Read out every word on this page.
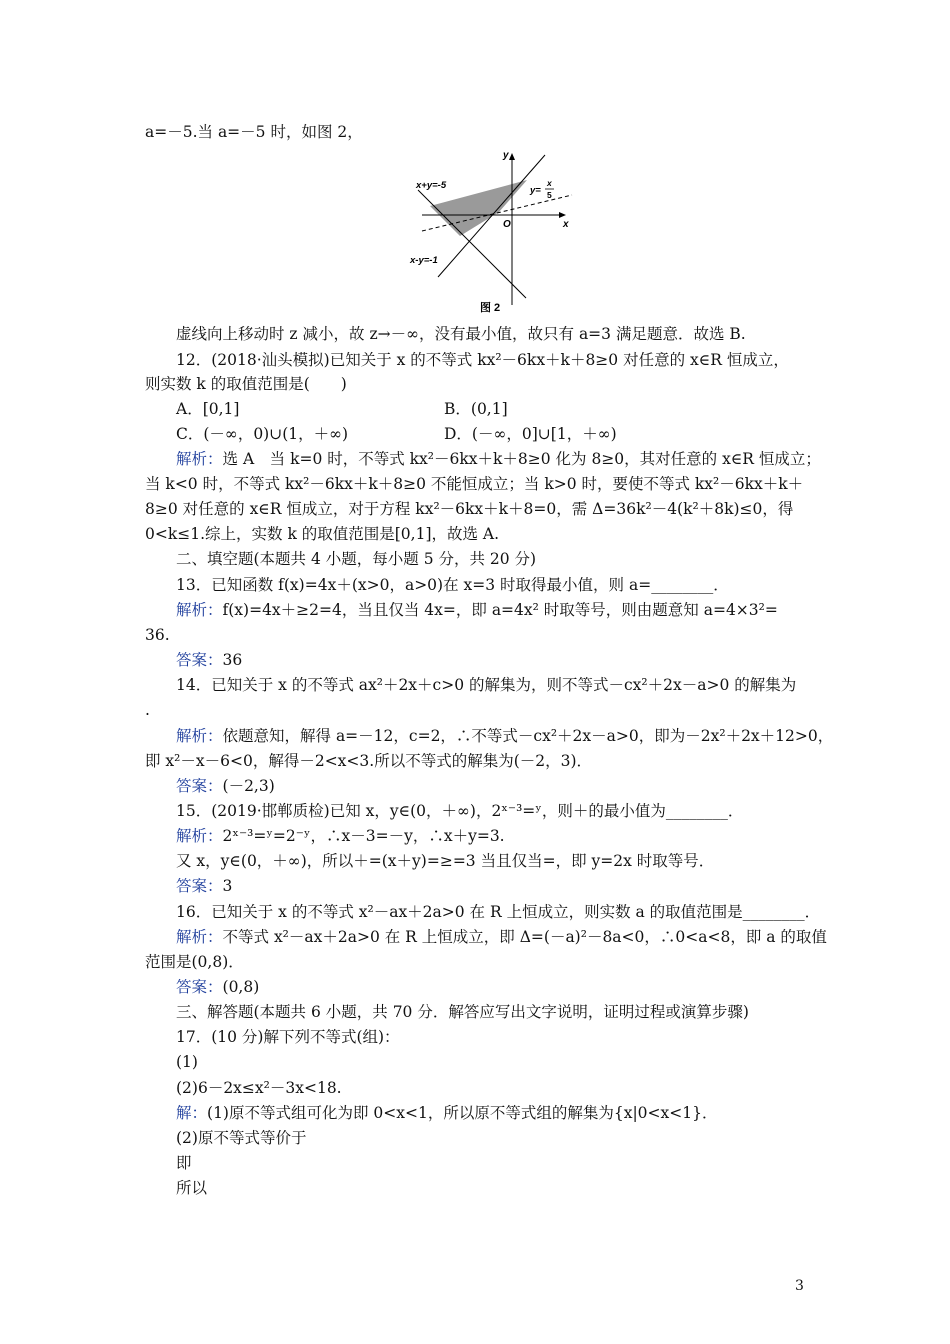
a=－5.当 a=－5 时，如图 2，
y
x
O
x+y=-5
x-y=-1
y=
x
5
图 2
虚线向上移动时 z 减小，故 z→－∞，没有最小值，故只有 a=3 满足题意．故选 B.
12．(2018·汕头模拟)已知关于 x 的不等式 kx²－6kx＋k＋8≥0 对任意的 x∈R 恒成立，
则实数 k 的取值范围是(　　)
A．[0,1]	B．(0,1]
C．(－∞，0)∪(1，＋∞)	D．(－∞，0]∪[1，＋∞)
解析：选 A　当 k=0 时，不等式 kx²－6kx＋k＋8≥0 化为 8≥0，其对任意的 x∈R 恒成立；
当 k<0 时，不等式 kx²－6kx＋k＋8≥0 不能恒成立；当 k>0 时，要使不等式 kx²－6kx＋k＋
8≥0 对任意的 x∈R 恒成立，对于方程 kx²－6kx＋k＋8=0，需 Δ=36k²－4(k²＋8k)≤0，得
0<k≤1.综上，实数 k 的取值范围是[0,1]，故选 A.
二、填空题(本题共 4 小题，每小题 5 分，共 20 分)
13．已知函数 f(x)=4x＋(x>0，a>0)在 x=3 时取得最小值，则 a=________．
解析：f(x)=4x＋≥2=4，当且仅当 4x=，即 a=4x² 时取等号，则由题意知 a=4×3²=
36.
答案：36
14．已知关于 x 的不等式 ax²＋2x＋c>0 的解集为，则不等式－cx²＋2x－a>0 的解集为
.
解析：依题意知，解得 a=－12，c=2，∴不等式－cx²＋2x－a>0，即为－2x²＋2x＋12>0，
即 x²－x－6<0，解得－2<x<3.所以不等式的解集为(－2，3)．
答案：(－2,3)
15．(2019·邯郸质检)已知 x，y∈(0，＋∞)，2ˣ⁻³=ʸ，则＋的最小值为________．
解析：2ˣ⁻³=ʸ=2⁻ʸ，∴x－3=－y，∴x＋y=3.
又 x，y∈(0，＋∞)，所以＋=(x＋y)=≥=3 当且仅当=，即 y=2x 时取等号．
答案：3
16．已知关于 x 的不等式 x²－ax＋2a>0 在 R 上恒成立，则实数 a 的取值范围是________．
解析：不等式 x²－ax＋2a>0 在 R 上恒成立，即 Δ=(－a)²－8a<0，∴0<a<8，即 a 的取值
范围是(0,8)．
答案：(0,8)
三、解答题(本题共 6 小题，共 70 分．解答应写出文字说明，证明过程或演算步骤)
17．(10 分)解下列不等式(组)：
(1)
(2)6－2x≤x²－3x<18.
解：(1)原不等式组可化为即 0<x<1，所以原不等式组的解集为{x|0<x<1}．
(2)原不等式等价于
即
所以
3
